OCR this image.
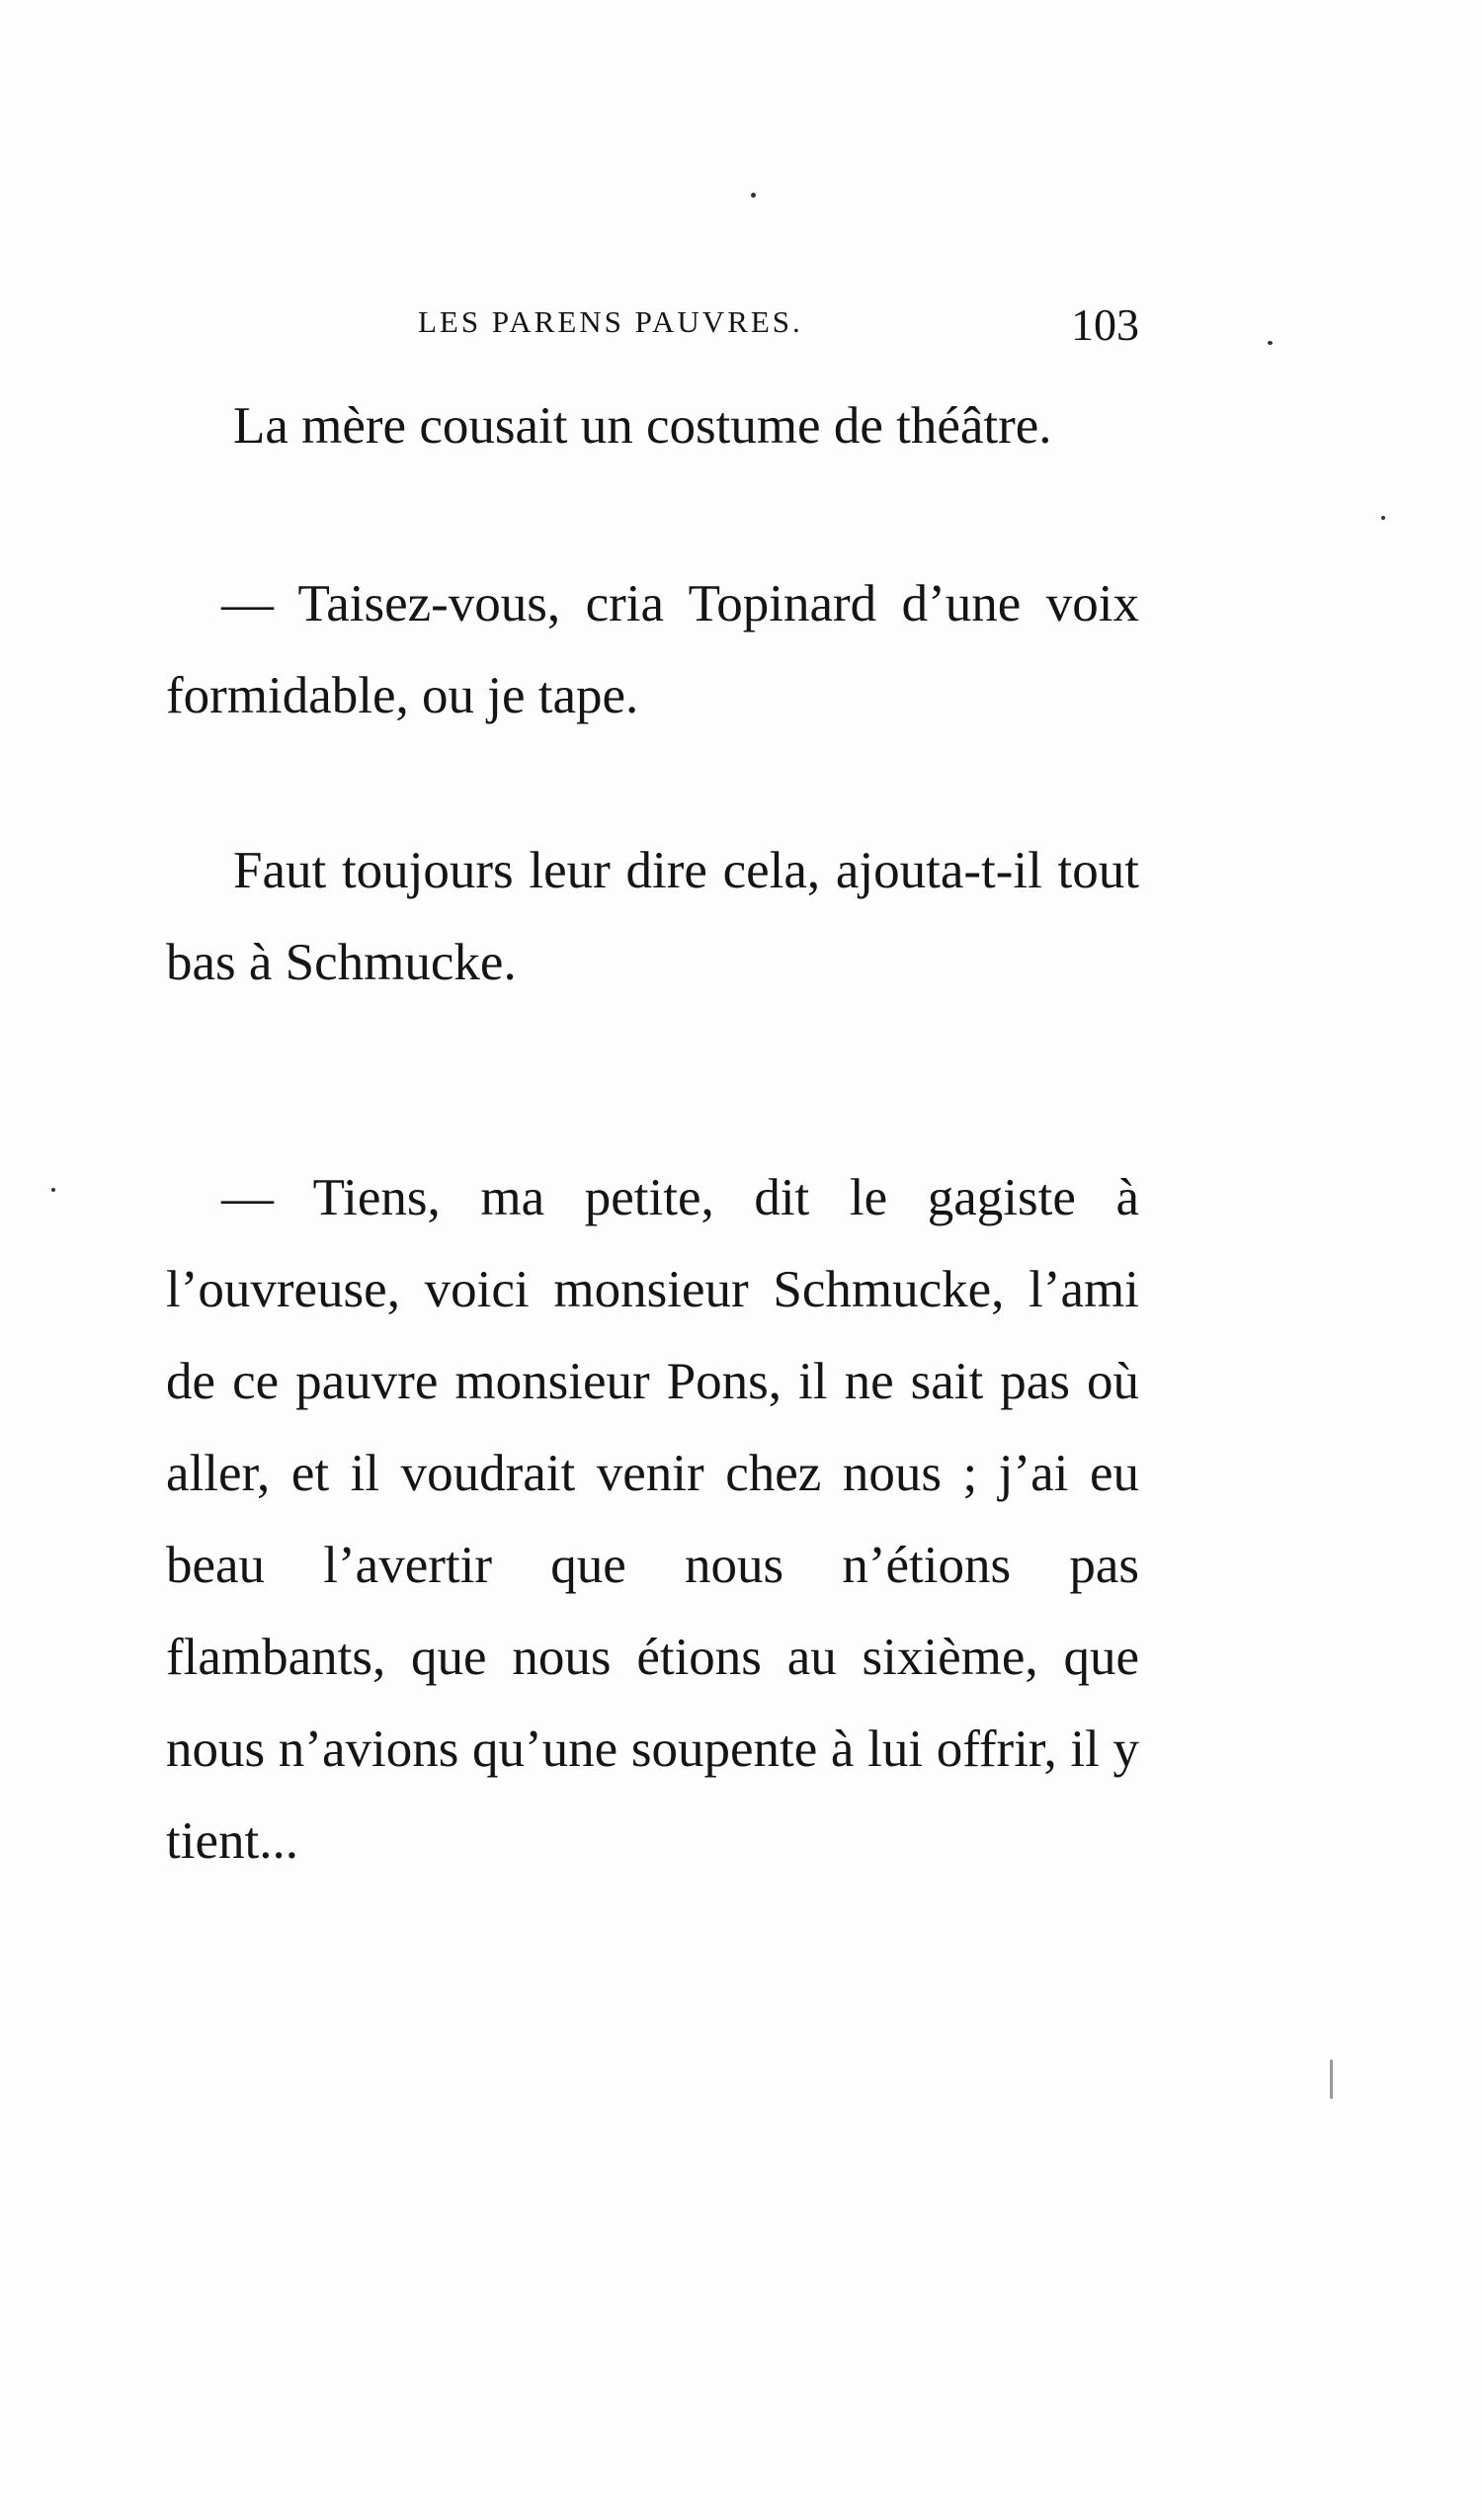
LES PARENS PAUVRES.	103

La mère cousait un costume de théâtre.

— Taisez-vous, cria Topinard d’une voix formidable, ou je tape.

Faut toujours leur dire cela, ajouta-t-il tout bas à Schmucke.

— Tiens, ma petite, dit le gagiste à l’ouvreuse, voici monsieur Schmucke, l’ami de ce pauvre monsieur Pons, il ne sait pas où aller, et il voudrait venir chez nous ; j’ai eu beau l’avertir que nous n’étions pas flambants, que nous étions au sixième, que nous n’avions qu’une soupente à lui offrir, il y tient...
